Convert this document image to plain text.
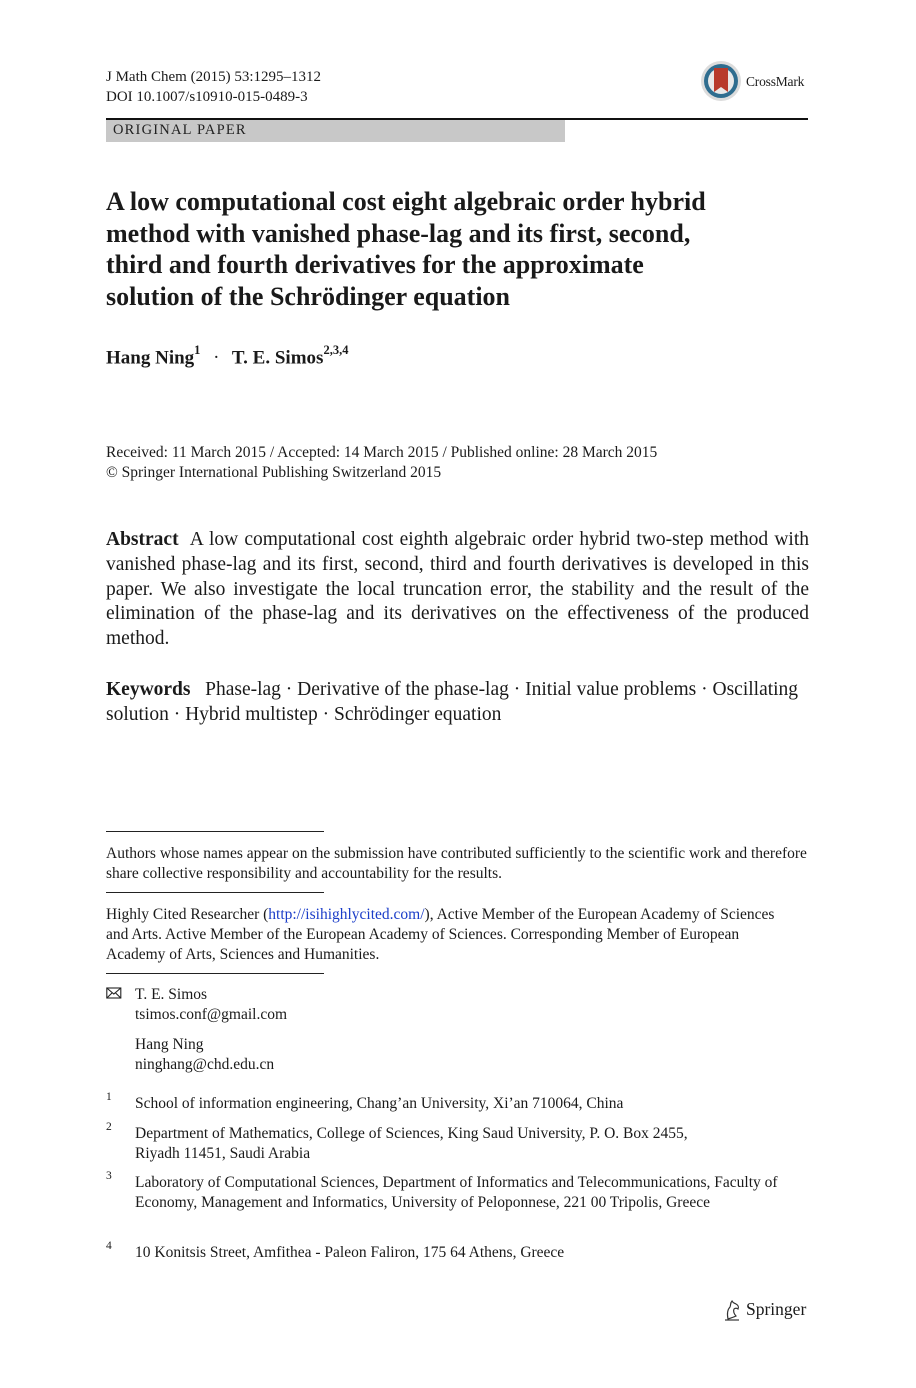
J Math Chem (2015) 53:1295–1312
DOI 10.1007/s10910-015-0489-3
CrossMark
ORIGINAL PAPER
A low computational cost eight algebraic order hybrid
method with vanished phase-lag and its first, second,
third and fourth derivatives for the approximate
solution of the Schrödinger equation
Hang Ning$^1$ · T. E. Simos$^{2,3,4}$
Received: 11 March 2015 / Accepted: 14 March 2015 / Published online: 28 March 2015
© Springer International Publishing Switzerland 2015
Abstract A low computational cost eighth algebraic order hybrid two-step method with vanished phase-lag and its first, second, third and fourth derivatives is developed in this paper. We also investigate the local truncation error, the stability and the result of the elimination of the phase-lag and its derivatives on the effectiveness of the produced method.
Keywords Phase-lag · Derivative of the phase-lag · Initial value problems · Oscillating solution · Hybrid multistep · Schrödinger equation
Authors whose names appear on the submission have contributed sufficiently to the scientific work and therefore share collective responsibility and accountability for the results.
Highly Cited Researcher (http://isihighlycited.com/), Active Member of the European Academy of Sciences and Arts. Active Member of the European Academy of Sciences. Corresponding Member of European Academy of Arts, Sciences and Humanities.
T. E. Simos
tsimos.conf@gmail.com
Hang Ning
ninghang@chd.edu.cn
1 School of information engineering, Chang’an University, Xi’an 710064, China
2 Department of Mathematics, College of Sciences, King Saud University, P. O. Box 2455, Riyadh 11451, Saudi Arabia
3 Laboratory of Computational Sciences, Department of Informatics and Telecommunications, Faculty of Economy, Management and Informatics, University of Peloponnese, 221 00 Tripolis, Greece
4 10 Konitsis Street, Amfithea - Paleon Faliron, 175 64 Athens, Greece
Springer
